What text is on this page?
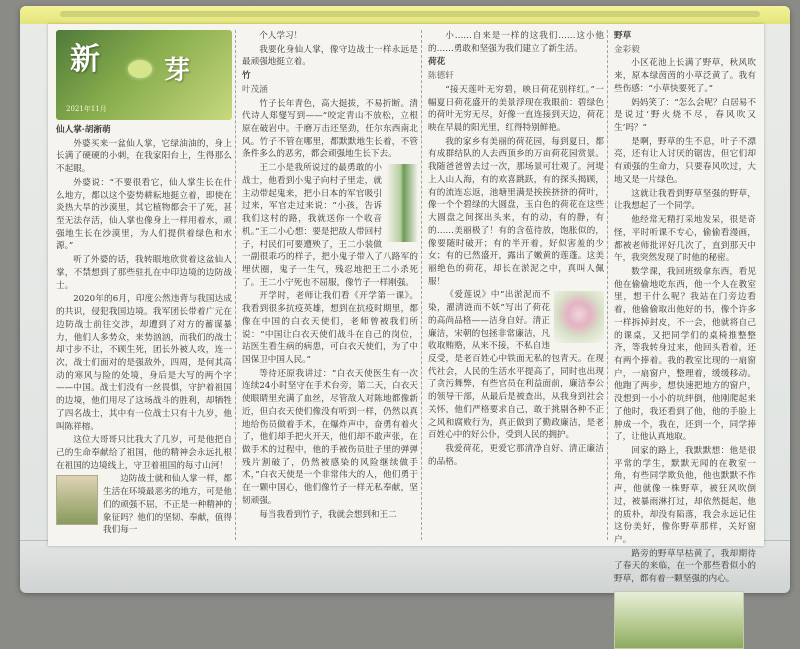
新 芽
2021年11月

仙人掌·胡淅萌

外婆买来一盆仙人掌，它绿油油的，身上长满了硬硬的小刺，在我家阳台上，生得那么不起眼。

外婆说：“不要很看它，仙人掌生长在什么地方，都以这个姿势耕耘地挺立着，即使在炎热大旱的沙漠里，其它植物都会干了死，甚至无法存活，仙人掌也像身上一样用着水，顽强地生长在沙漠里，为人们提供着绿色和水源。”

听了外婆的话，我转眼地欣赏着这盆仙人掌，不禁想到了那些驻扎在中印边境的边防战士。

2020年的6月，印度公然违背与我国达成的共识，侵犯我国边境。我军团长带着广元在边防战士前往交涉，却遭到了对方的蓄谋暴力，他们人多势众，来势汹汹，而我们的战士却寸步不让，不顾生死，团长外被人攻，连一次，战士们面对的是强敌外，四周，是何其高动的寒风与险的处境，身后是大写的两个字——中国。战士们没有一丝畏惧，守护着祖国的边境，他们用尽了这场战斗的胜利，却牺牲了四名战士，其中有一位战士只有十九岁，他叫陈祥榕。

这位大哥哥只比我大了几岁，可是他把自己的生命奉献给了祖国，他的精神会永远扎根在祖国的边境线上，守卫着祖国的每寸山河！

边防战士就和仙人掌一样，都生活在环境最恶劣的地方，可是他们的顽强不屈，不正是一种精神的象征吗？他们的坚韧、奉献，值得我们每一

个人学习！

我要化身仙人掌，像守边战士一样永远是最顽强地挺立着。

竹

叶茂涵

竹子长年青色，高大挺拔，不易折断。清代诗人郑燮写到——“咬定青山不放松，立根原在破岩中。千磨万击还坚劲，任尔东西南北风。竹子不管在哪里，都默默地生长着，不管条件多么的恶劣，都会顽强地生长下去。

王二小是我所说过的最勇敢的小战士，他看到小鬼子向村子里走，就主动带起鬼来，把小日本的军官吸引过来，军官走过来说：“小孩，告诉我们这村的路，我就送你一个收音机。”王二小心想：要是把敌人带回村子，村民们可要遭殃了，王二小装做一副很乖巧的样子，把小鬼子带入了八路军的埋伏圈，鬼子一生气，残忍地把王二小杀死了。王二小宁死也不屈服，像竹子一样刚强。

开学时，老师让我们看《开学第一课》。我看到很多抗疫英雄，想到在抗疫时期里，都像在中国的白衣天使们，老师曾被我们所说：“中国让白衣天使们战斗在自己的岗位，站医生看生病的病患，可白衣天使们，为了中国保卫中国人民。”

等待还原我讲过：“白衣天使医生有一次连续24小时坚守在手术台旁，第二天，白衣天使眼睛里充满了血丝，尽管敌人对陈地都像新近，但白衣天使们像没有听到一样，仍然以真地给伤员做着手术，在爆炸声中，奋勇有着火了，他们却手把火开天，他们却不敢声张，在做手术的过程中，他的手被伤员肚子里的弹弹残片割破了，仍然被感染的风险继续做手术，”白衣天使是一个非常伟大的人，他们勇于在一颗中国心，他们像竹子一样无私奉献，坚韧顽强。

每当我看到竹子，我就会想到和王二

小……自来是一样的这我们……这小他的……勇敢和坚强为我们建立了新生活。

荷花

陈德轩

“接天莲叶无穷碧，映日荷花别样红。”一幅夏日荷花盛开的美景浮现在我眼前：碧绿色的荷叶无穷无尽，好像一直连接到天边，荷花映在早晨的阳光里，红得特别鲜艳。

我的家乡有美丽的荷花园，每到夏日，都有成群结队的人去西顶乡的万亩荷花园赏景。我随爸爸曾去过一次，那场景可壮观了。河堤上人山人海，有的欢喜跳跃，有的探头揭顾，有的流连忘返，池塘里满是挨挨挤挤的荷叶，像一个个碧绿的大圆盘，玉白色的荷花在这些大圆盘之间探出头来，有的动，有的静，有的……美丽极了！有的含苞待放，饱胀似的，像要随时破开；有的半开着，好似害羞的少女；有的已然盛开，露出了嫩黄的莲蓬。这美丽绝色的荷花，却长在淤泥之中，真叫人佩服！

《爱莲说》中“出淤泥而不染，濯清涟而不妖”写出了荷花的高尚品格——洁身自好。清正廉洁，宋朝的包拯非常廉洁，凡收取贿赂，从来不接，不私自违反受，是老百姓心中铁面无私的包青天。在现代社会，人民的生活水平提高了，同时也出现了贪污舞弊，有些官员在利益面前，廉洁奉公的领导干部，从最后是被查出，从我身到社会关怀，他们严格要求自己，敢于挑剔各种不正之风和腐败行为，真正做到了勤政廉洁，是老百姓心中的好公仆，受到人民的拥护。

我爱荷花，更爱它那清净自好、清正廉洁的品格。

野草

金彩毅

小区花池上长满了野草，秋风吹来，原本绿茵茵的小草泛黄了。我有些伤感：“小草快要死了。”

妈妈笑了：“怎么会呢？白居易不是说过‘野火烧不尽，春风吹又生’吗？”

是啊，野草的生不息，叶子不漂亮，还有让人讨厌的锯齿，但它们却有顽强的生命力，只要春风吹过，大地又是一片绿色。

这就让我看到野草坚强的野草，让我想起了一个同学。

他经常无精打采地发呆，很是奇怪，平时听课不专心，偷偷看漫画，都被老师批评好几次了，直到那天中午，我突然发现了时他的秘密。

数学课，我回班级拿东西，看见他在偷偷地吃东西，他一个人在教室里，想干什么呢？我站在门旁边看着，他偷偷取出他好的书，像个许多一样拆掉封皮，不一会，他就将自己的课桌，又把同学们的桌椅推整整齐，等我转身过来，他回头看着，还有两个捧着。我的教室比现的一扇窗户，一扇窗户，整理着，缓缓移动。他跑了两步，想快速把地方的窗户，没想到一小小的坑绊倒，他刚爬起来了他时，我还看到了他，他的手脸上肿成一个，我在，还到一个，同学捧了，让他认真地取。

回家的路上，我默默想：他是很平常的学生，默默无闻的在教室一角，有些同学欺负他，他也默默不作声，他就像一株野草，被狂风吹倒过，被暴雨淋打过，却依然挺起，他的质朴，却没有陷落，我会永远记住这份美好，像你野草那样，关好窗户。

路旁的野草早枯黄了，我却期待了春天的来临，在一个那些看似小的野草，都有着一颗坚强的内心。
